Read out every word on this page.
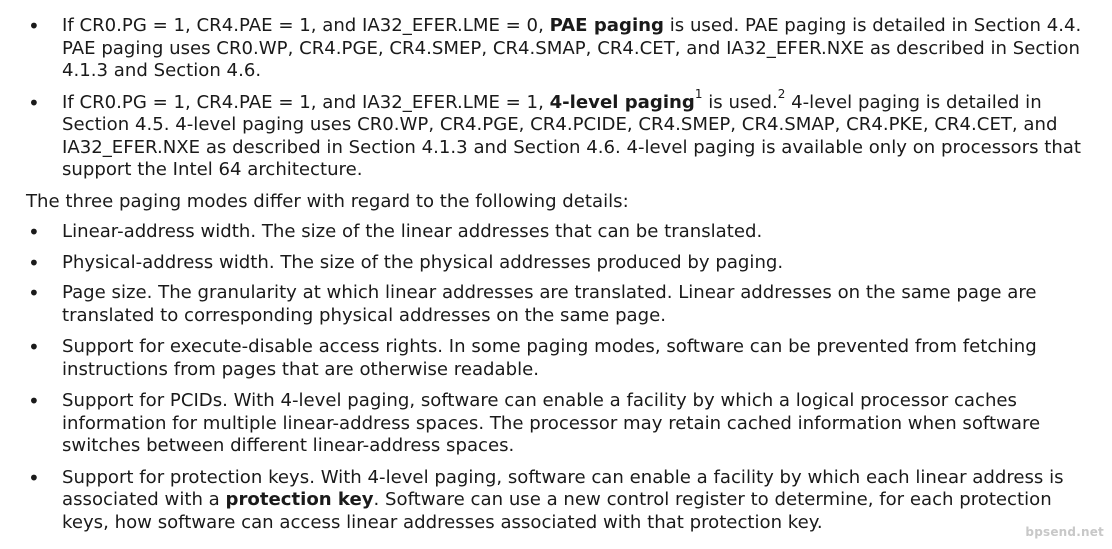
• If CR0.PG = 1, CR4.PAE = 1, and IA32_EFER.LME = 0, PAE paging is used. PAE paging is detailed in Section 4.4. PAE paging uses CR0.WP, CR4.PGE, CR4.SMEP, CR4.SMAP, CR4.CET, and IA32_EFER.NXE as described in Section 4.1.3 and Section 4.6.
• If CR0.PG = 1, CR4.PAE = 1, and IA32_EFER.LME = 1, 4-level paging$^1$ is used.$^2$ 4-level paging is detailed in Section 4.5. 4-level paging uses CR0.WP, CR4.PGE, CR4.PCIDE, CR4.SMEP, CR4.SMAP, CR4.PKE, CR4.CET, and IA32_EFER.NXE as described in Section 4.1.3 and Section 4.6. 4-level paging is available only on processors that support the Intel 64 architecture.
The three paging modes differ with regard to the following details:
• Linear-address width. The size of the linear addresses that can be translated.
• Physical-address width. The size of the physical addresses produced by paging.
• Page size. The granularity at which linear addresses are translated. Linear addresses on the same page are translated to corresponding physical addresses on the same page.
• Support for execute-disable access rights. In some paging modes, software can be prevented from fetching instructions from pages that are otherwise readable.
• Support for PCIDs. With 4-level paging, software can enable a facility by which a logical processor caches information for multiple linear-address spaces. The processor may retain cached information when software switches between different linear-address spaces.
• Support for protection keys. With 4-level paging, software can enable a facility by which each linear address is associated with a protection key. Software can use a new control register to determine, for each protection keys, how software can access linear addresses associated with that protection key.	bpsend.net
